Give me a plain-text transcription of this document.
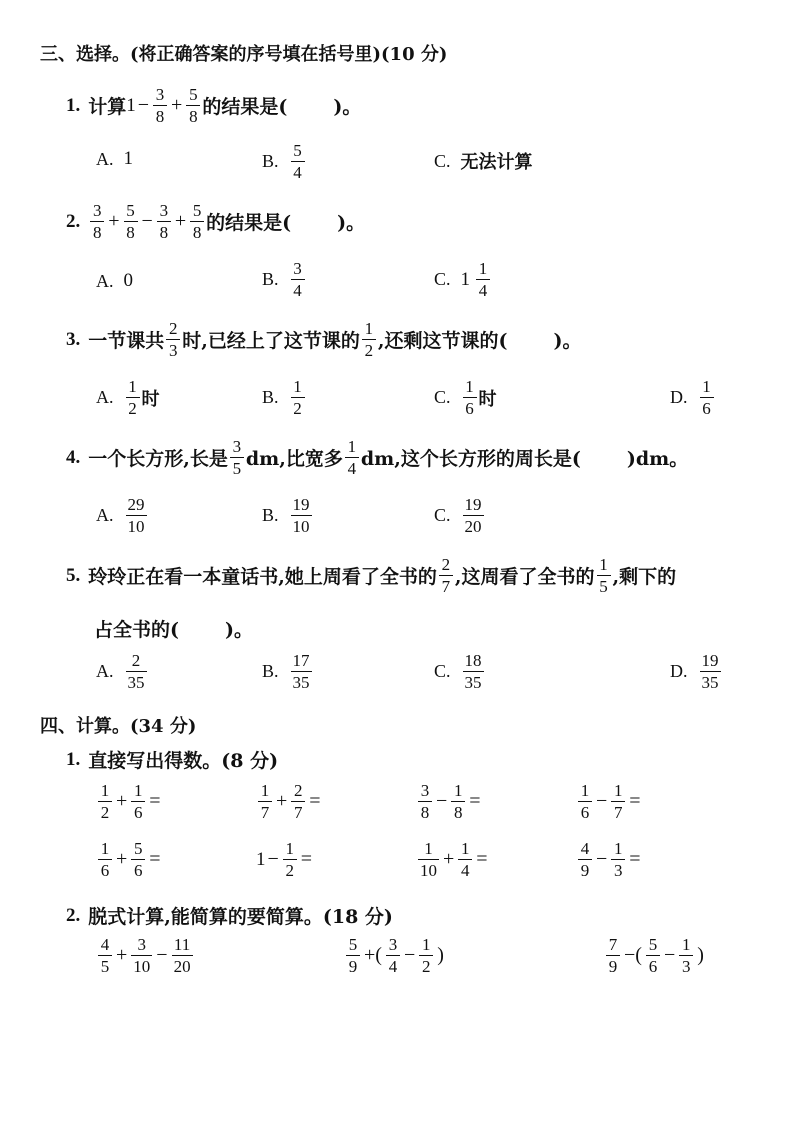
三、选择。(将正确答案的序号填在括号里)(10 分)
1. 计算 $1 - \frac{3}{8} + \frac{5}{8}$ 的结果是( )。
A. 1	B. $\frac{5}{4}$	C. 无法计算
2. $\frac{3}{8} + \frac{5}{8} - \frac{3}{8} + \frac{5}{8}$ 的结果是( )。
A. 0	B. $\frac{3}{4}$	C. $1 \frac{1}{4}$
3. 一节课共 $\frac{2}{3}$ 时,已经上了这节课的 $\frac{1}{2}$ ,还剩这节课的( )。
A. $\frac{1}{2}$ 时	B. $\frac{1}{2}$	C. $\frac{1}{6}$ 时	D. $\frac{1}{6}$
4. 一个长方形,长是 $\frac{3}{5}$ dm,比宽多 $\frac{1}{4}$ dm,这个长方形的周长是( )dm。
A. $\frac{29}{10}$	B. $\frac{19}{10}$	C. $\frac{19}{20}$
5. 玲玲正在看一本童话书,她上周看了全书的 $\frac{2}{7}$ ,这周看了全书的 $\frac{1}{5}$ ,剩下的
占全书的( )。
A. $\frac{2}{35}$	B. $\frac{17}{35}$	C. $\frac{18}{35}$	D. $\frac{19}{35}$
四、计算。(34 分)
1. 直接写出得数。(8 分)
$\frac{1}{2} + \frac{1}{6}$ =	$\frac{1}{7} + \frac{2}{7}$ =	$\frac{3}{8} - \frac{1}{8}$ =	$\frac{1}{6} - \frac{1}{7}$ =
$\frac{1}{6} + \frac{5}{6}$ =	$1 - \frac{1}{2}$ =	$\frac{1}{10} + \frac{1}{4}$ =	$\frac{4}{9} - \frac{1}{3}$ =
2. 脱式计算,能简算的要简算。(18 分)
$\frac{4}{5} + \frac{3}{10} - \frac{11}{20}$	$\frac{5}{9}$ +( $\frac{3}{4} - \frac{1}{2}$ )	$\frac{7}{9}$ −( $\frac{5}{6} - \frac{1}{3}$ )
